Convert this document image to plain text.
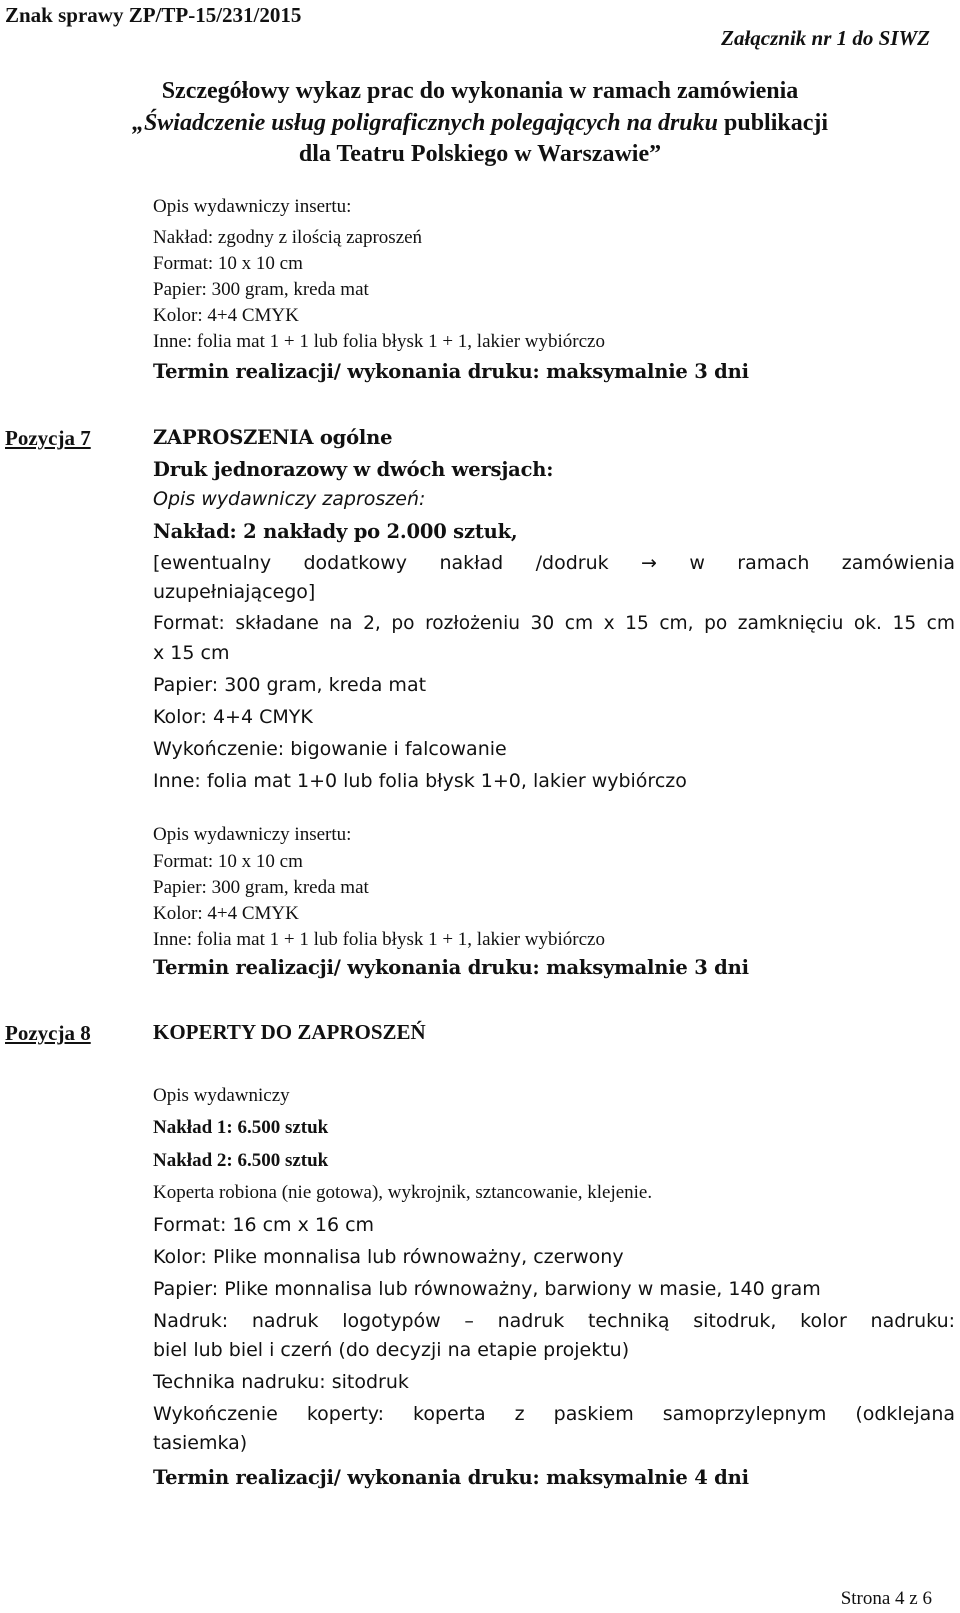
Znak sprawy ZP/TP-15/231/2015
Załącznik nr 1 do SIWZ
Szczegółowy wykaz prac do wykonania w ramach zamówienia
„Świadczenie usług poligraficznych polegających na druku publikacji
dla Teatru Polskiego w Warszawie”
Opis wydawniczy insertu:
Nakład: zgodny z ilością zaproszeń
Format: 10 x 10 cm
Papier: 300 gram, kreda mat
Kolor: 4+4 CMYK
Inne: folia mat 1 + 1 lub folia błysk 1 + 1, lakier wybiórczo
Termin realizacji/ wykonania druku: maksymalnie 3 dni
Pozycja 7	ZAPROSZENIA ogólne
Druk jednorazowy w dwóch wersjach:
Opis wydawniczy zaproszeń:
Nakład: 2 nakłady po 2.000 sztuk,
[ewentualny dodatkowy nakład /dodruk → w ramach zamówienia
uzupełniającego]
Format: składane na 2, po rozłożeniu 30 cm x 15 cm, po zamknięciu ok. 15 cm
x 15 cm
Papier: 300 gram, kreda mat
Kolor: 4+4 CMYK
Wykończenie: bigowanie i falcowanie
Inne: folia mat 1+0 lub folia błysk 1+0, lakier wybiórczo
Opis wydawniczy insertu:
Format: 10 x 10 cm
Papier: 300 gram, kreda mat
Kolor: 4+4 CMYK
Inne: folia mat 1 + 1 lub folia błysk 1 + 1, lakier wybiórczo
Termin realizacji/ wykonania druku: maksymalnie 3 dni
Pozycja 8	KOPERTY DO ZAPROSZEŃ
Opis wydawniczy
Nakład 1: 6.500 sztuk
Nakład 2: 6.500 sztuk
Koperta robiona (nie gotowa), wykrojnik, sztancowanie, klejenie.
Format: 16 cm x 16 cm
Kolor: Plike monnalisa lub równoważny, czerwony
Papier: Plike monnalisa lub równoważny, barwiony w masie, 140 gram
Nadruk: nadruk logotypów – nadruk techniką sitodruk, kolor nadruku:
biel lub biel i czerń (do decyzji na etapie projektu)
Technika nadruku: sitodruk
Wykończenie koperty: koperta z paskiem samoprzylepnym (odklejana
tasiemka)
Termin realizacji/ wykonania druku: maksymalnie 4 dni
Strona 4 z 6
